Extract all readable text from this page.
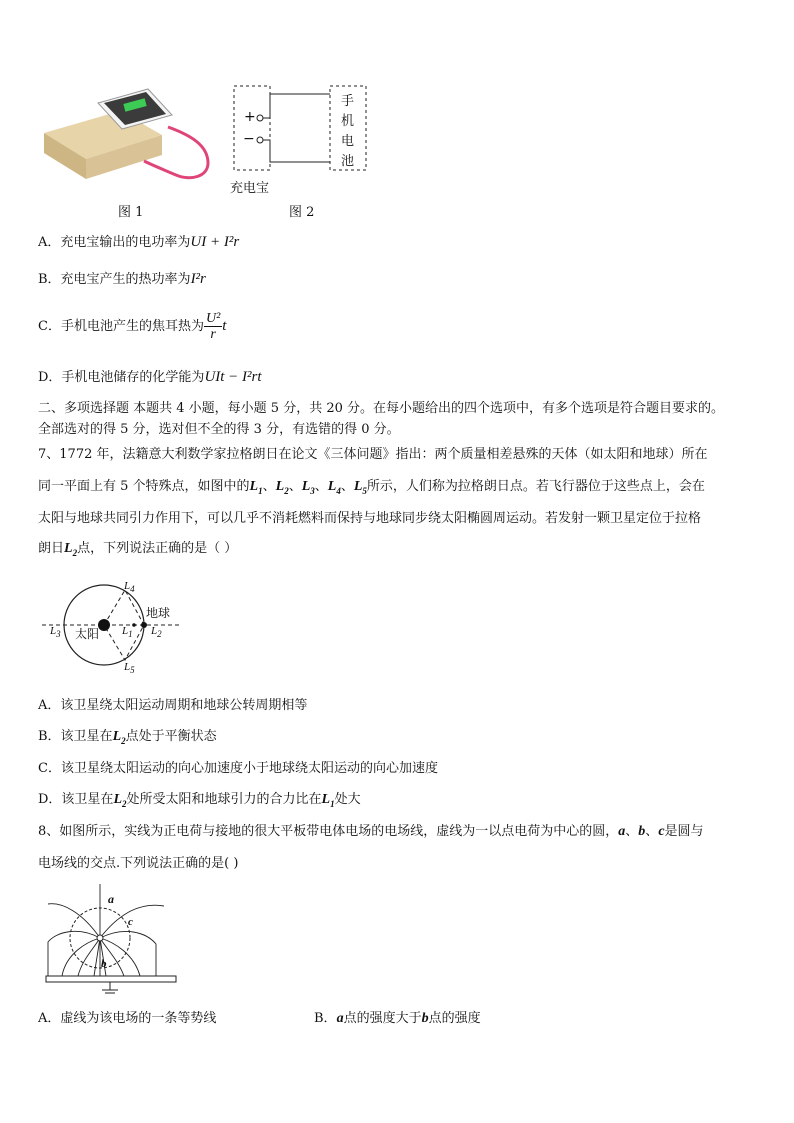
图 1
+
−
手机电池
充电宝
图 2
A．充电宝输出的电功率为UI + I²r
B．充电宝产生的热功率为I²r
C．手机电池产生的焦耳热为 $\frac{\text{U²}}{r}$ t
D．手机电池储存的化学能为UIt − I²rt
二、多项选择题 本题共 4 小题，每小题 5 分，共 20 分。在每小题给出的四个选项中，有多个选项是符合题目要求的。
全部选对的得 5 分，选对但不全的得 3 分，有选错的得 0 分。
7、1772 年，法籍意大利数学家拉格朗日在论文《三体问题》指出：两个质量相差悬殊的天体（如太阳和地球）所在
同一平面上有 5 个特殊点，如图中的$L_1$、$L_2$、$L_3$、$L_4$、$L_5$所示，人们称为拉格朗日点。若飞行器位于这些点上，会在
太阳与地球共同引力作用下，可以几乎不消耗燃料而保持与地球同步绕太阳椭圆周运动。若发射一颗卫星定位于拉格
朗日$L_2$点，下列说法正确的是（ ）
太阳
地球
$L_1$ $L_2$
$L_3$
$L_4$
$L_5$
A．该卫星绕太阳运动周期和地球公转周期相等
B．该卫星在$L_2$点处于平衡状态
C．该卫星绕太阳运动的向心加速度小于地球绕太阳运动的向心加速度
D．该卫星在$L_2$处所受太阳和地球引力的合力比在$L_1$处大
8、如图所示，实线为正电荷与接地的很大平板带电体电场的电场线，虚线为一以点电荷为中心的圆，a、b、c是圆与
电场线的交点.下列说法正确的是( )
a
b
c
A．虚线为该电场的一条等势线	B．a点的强度大于b点的强度
